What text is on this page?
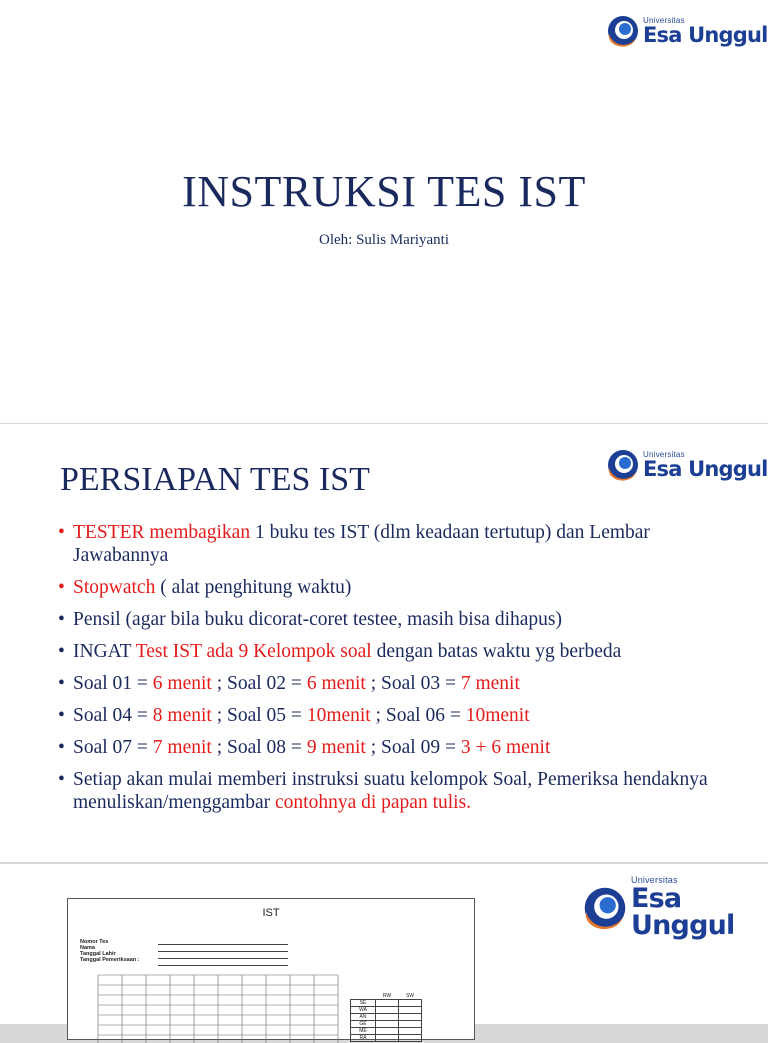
Universitas
Esa Unggul
INSTRUKSI TES IST
Oleh: Sulis Mariyanti
Universitas
Esa Unggul
PERSIAPAN TES IST
• TESTER membagikan 1 buku tes IST (dlm keadaan tertutup) dan Lembar Jawabannya
• Stopwatch ( alat penghitung waktu)
• Pensil (agar bila buku dicorat-coret testee, masih bisa dihapus)
• INGAT Test IST ada 9 Kelompok soal dengan batas waktu yg berbeda
• Soal 01 = 6 menit ; Soal 02 = 6 menit ; Soal 03 = 7 menit
• Soal 04 = 8 menit ; Soal 05 = 10menit ; Soal 06 = 10menit
• Soal 07 = 7 menit ; Soal 08 = 9 menit ; Soal 09 = 3 + 6 menit
• Setiap akan mulai memberi instruksi suatu kelompok Soal, Pemeriksa hendaknya menuliskan/menggambar contohnya di papan tulis.
Universitas
Esa Unggul
IST
Nomor Tes
Nama
Tanggal Lahir
Tanggal Pemeriksaan :
	RW	SW
SE		
WA		
AN		
GE		
ME		
RA		
